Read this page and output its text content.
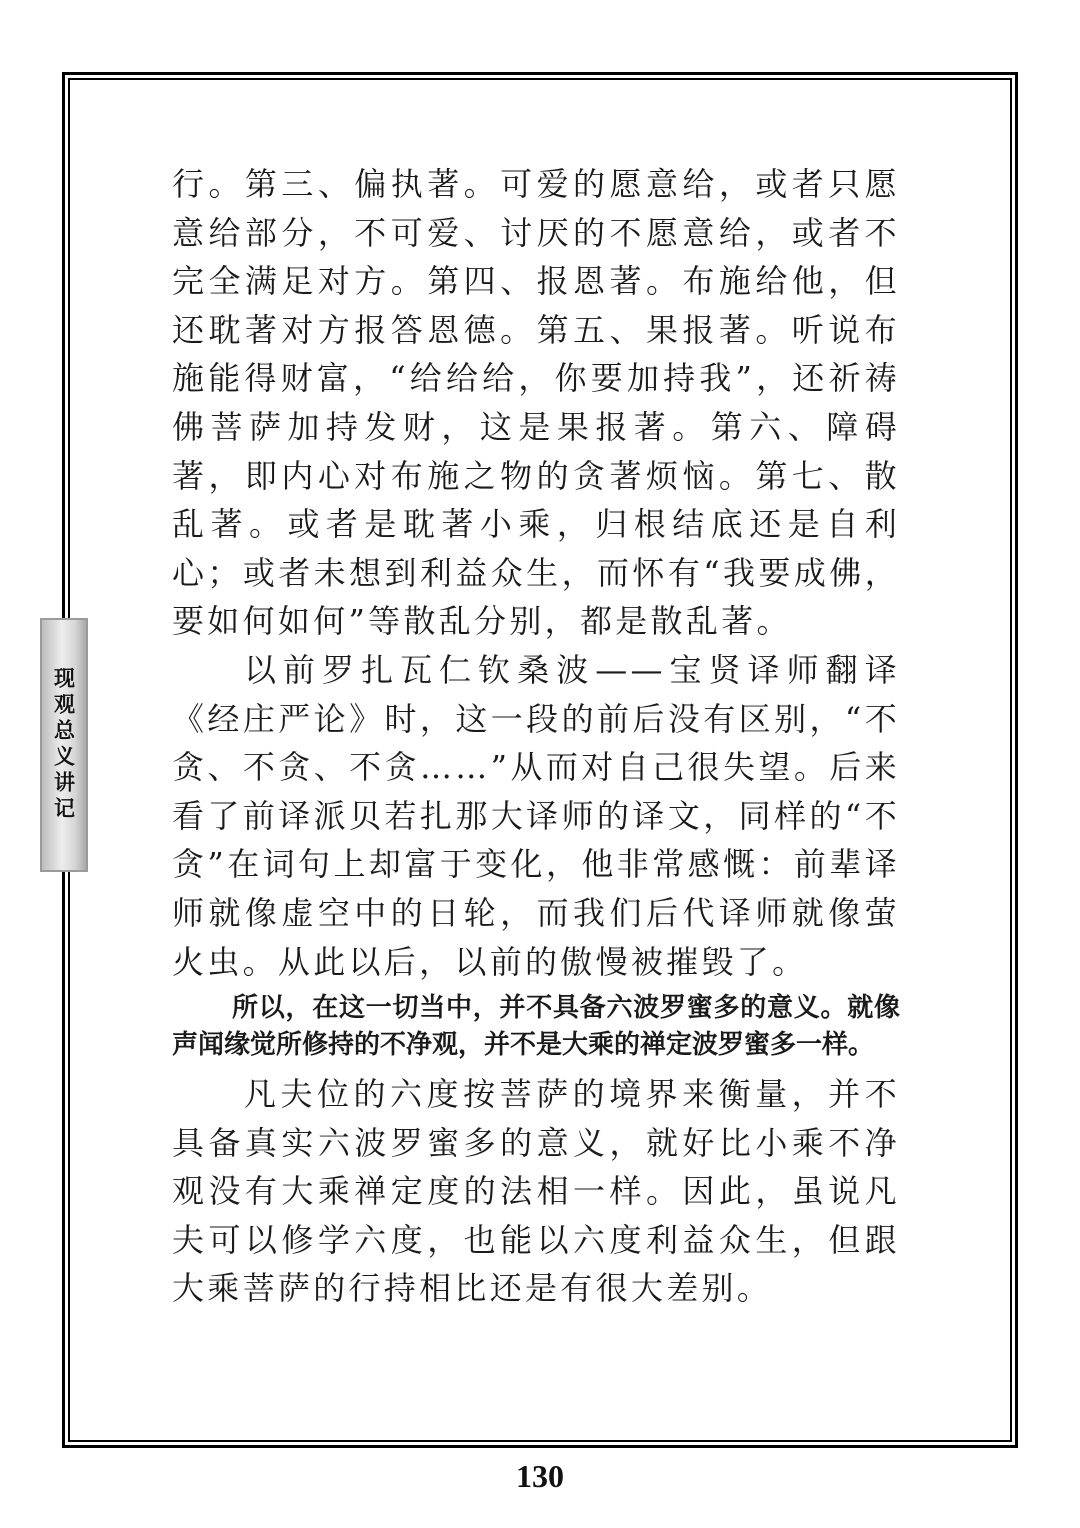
现观总义讲记

行。第三、偏执著。可爱的愿意给，或者只愿意给部分，不可爱、讨厌的不愿意给，或者不完全满足对方。第四、报恩著。布施给他，但还耽著对方报答恩德。第五、果报著。听说布施能得财富，“给给给，你要加持我”，还祈祷佛菩萨加持发财，这是果报著。第六、障碍著，即内心对布施之物的贪著烦恼。第七、散乱著。或者是耽著小乘，归根结底还是自利心；或者未想到利益众生，而怀有“我要成佛，要如何如何”等散乱分别，都是散乱著。

以前罗扎瓦仁钦桑波——宝贤译师翻译《经庄严论》时，这一段的前后没有区别，“不贪、不贪、不贪……”从而对自己很失望。后来看了前译派贝若扎那大译师的译文，同样的“不贪”在词句上却富于变化，他非常感慨：前辈译师就像虚空中的日轮，而我们后代译师就像萤火虫。从此以后，以前的傲慢被摧毁了。

所以，在这一切当中，并不具备六波罗蜜多的意义。就像声闻缘觉所修持的不净观，并不是大乘的禅定波罗蜜多一样。

凡夫位的六度按菩萨的境界来衡量，并不具备真实六波罗蜜多的意义，就好比小乘不净观没有大乘禅定度的法相一样。因此，虽说凡夫可以修学六度，也能以六度利益众生，但跟大乘菩萨的行持相比还是有很大差别。

130
